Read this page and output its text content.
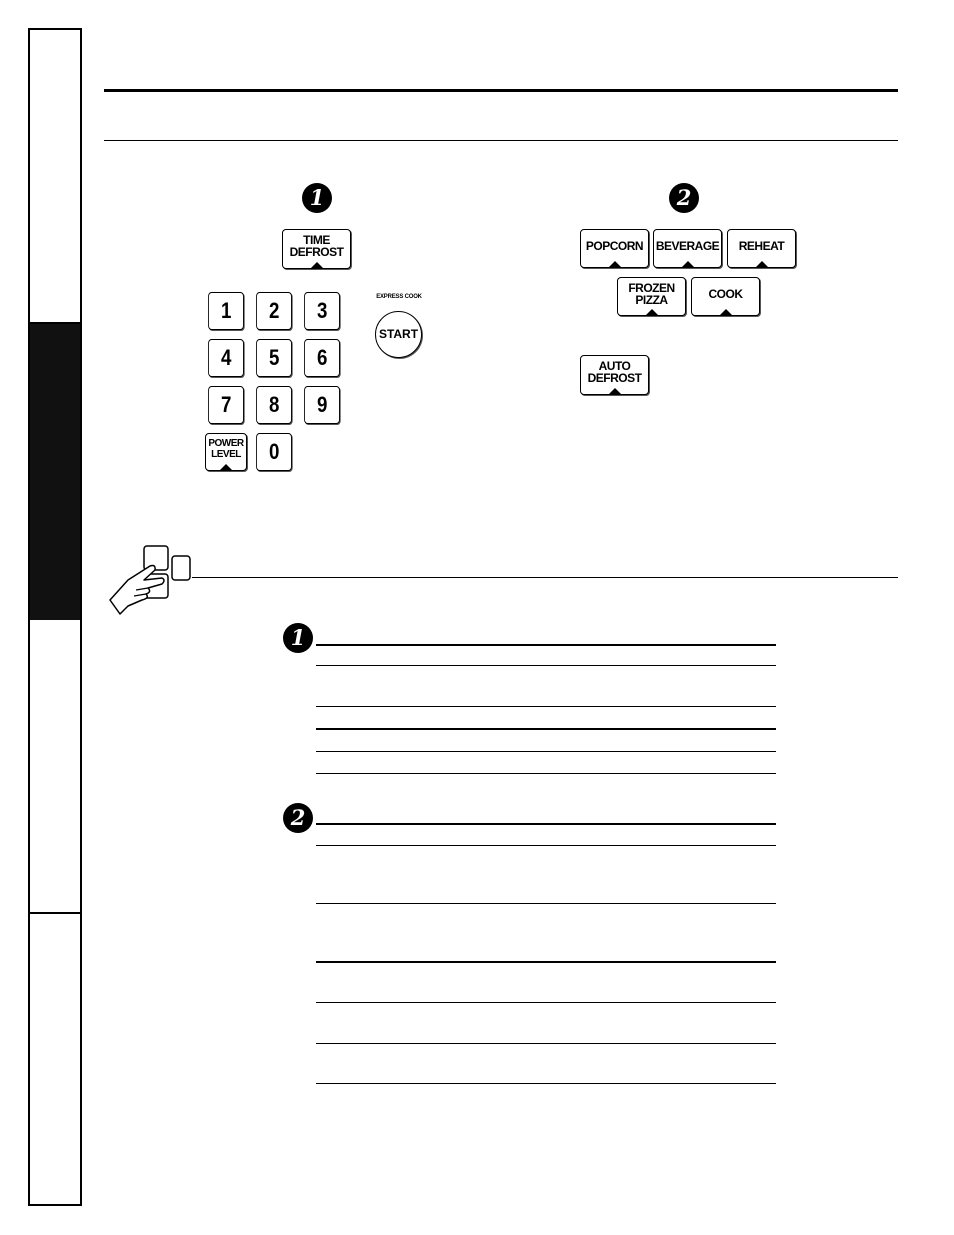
1	2
TIME
DEFROST
1	2	3
4	5	6
7	8	9
POWER
LEVEL	0
EXPRESS COOK
START
POPCORN	BEVERAGE	REHEAT
FROZEN
PIZZA	COOK
AUTO
DEFROST
1
2
